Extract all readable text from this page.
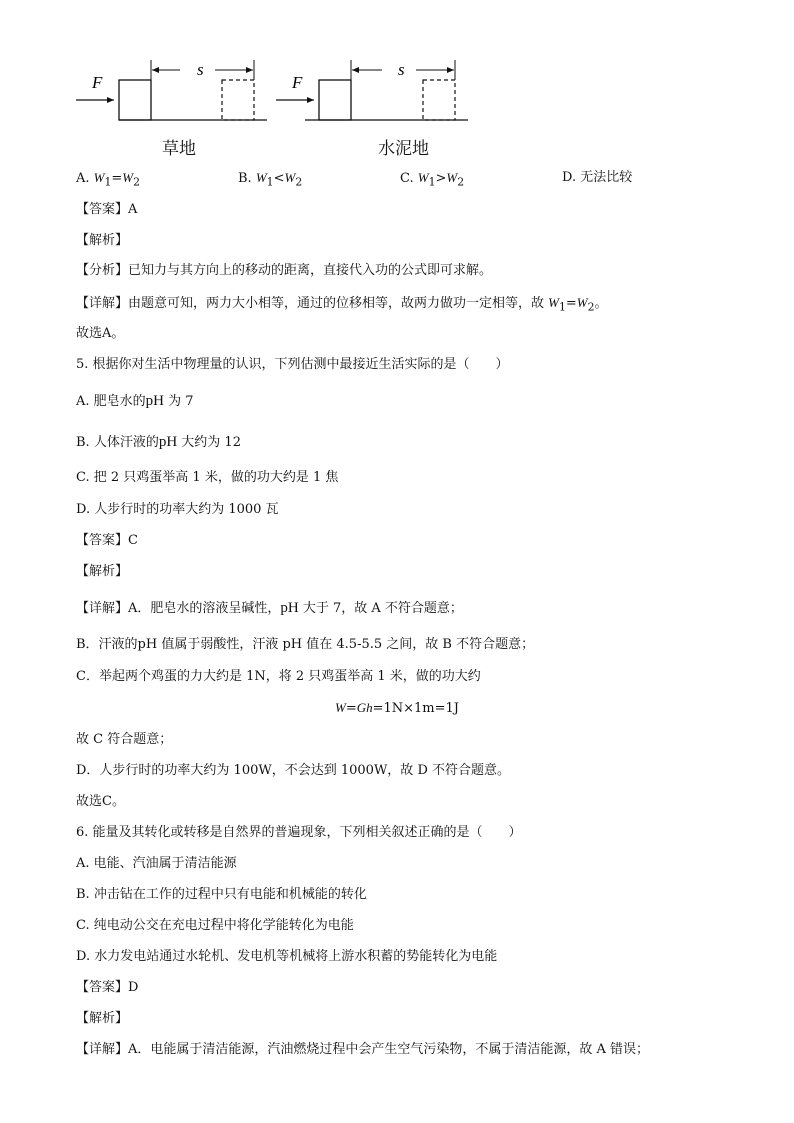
F
s
F
s
草地	水泥地
A. $W_1=W_2$	B. $W_1<W_2$	C. $W_1>W_2$	D. 无法比较
【答案】A
【解析】
【分析】已知力与其方向上的移动的距离，直接代入功的公式即可求解。
【详解】由题意可知，两力大小相等，通过的位移相等，故两力做功一定相等，故 $W_1=W_2$。
故选A。
5. 根据你对生活中物理量的认识，下列估测中最接近生活实际的是（　　）
A. 肥皂水的pH 为 7
B. 人体汗液的pH 大约为 12
C. 把 2 只鸡蛋举高 1 米，做的功大约是 1 焦
D. 人步行时的功率大约为 1000 瓦
【答案】C
【解析】
【详解】A．肥皂水的溶液呈碱性，pH 大于 7，故 A 不符合题意；
B．汗液的pH 值属于弱酸性，汗液 pH 值在 4.5-5.5 之间，故 B 不符合题意；
C．举起两个鸡蛋的力大约是 1N，将 2 只鸡蛋举高 1 米，做的功大约
W=Gh=1N×1m=1J
故 C 符合题意；
D．人步行时的功率大约为 100W，不会达到 1000W，故 D 不符合题意。
故选C。
6. 能量及其转化或转移是自然界的普遍现象，下列相关叙述正确的是（　　）
A. 电能、汽油属于清洁能源
B. 冲击钻在工作的过程中只有电能和机械能的转化
C. 纯电动公交在充电过程中将化学能转化为电能
D. 水力发电站通过水轮机、发电机等机械将上游水积蓄的势能转化为电能
【答案】D
【解析】
【详解】A．电能属于清洁能源，汽油燃烧过程中会产生空气污染物，不属于清洁能源，故 A 错误；
